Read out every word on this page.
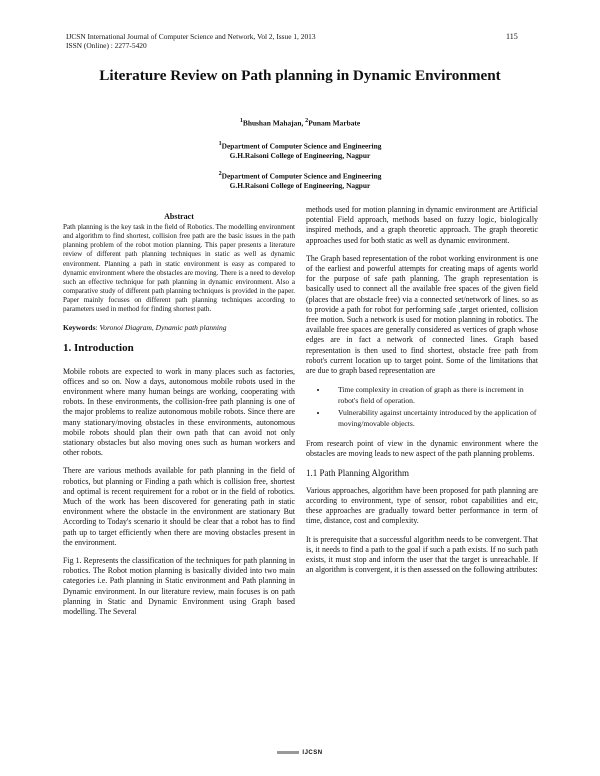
IJCSN International Journal of Computer Science and Network, Vol 2, Issue 1, 2013
ISSN (Online) : 2277-5420
115
Literature Review on Path planning in Dynamic Environment
$^1$Bhushan Mahajan, $^2$Punam Marbate
$^1$Department of Computer Science and Engineering
G.H.Raisoni College of Engineering, Nagpur
$^2$Department of Computer Science and Engineering
G.H.Raisoni College of Engineering, Nagpur
Abstract

Path planning is the key task in the field of Robotics. The modelling environment and algorithm to find shortest, collision free path are the basic issues in the path planning problem of the robot motion planning. This paper presents a literature review of different path planning techniques in static as well as dynamic environment. Planning a path in static environment is easy as compared to dynamic environment where the obstacles are moving. There is a need to develop such an effective technique for path planning in dynamic environment. Also a comparative study of different path planning techniques is provided in the paper. Paper mainly focuses on different path planning techniques according to parameters used in method for finding shortest path.

Keywords: Voronoi Diagram, Dynamic path planning

1. Introduction

Mobile robots are expected to work in many places such as factories, offices and so on. Now a days, autonomous mobile robots used in the environment where many human beings are working, cooperating with robots. In these environments, the collision-free path planning is one of the major problems to realize autonomous mobile robots. Since there are many stationary/moving obstacles in these environments, autonomous mobile robots should plan their own path that can avoid not only stationary obstacles but also moving ones such as human workers and other robots.

There are various methods available for path planning in the field of robotics, but planning or Finding a path which is collision free, shortest and optimal is recent requirement for a robot or in the field of robotics. Much of the work has been discovered for generating path in static environment where the obstacle in the environment are stationary But According to Today's scenario it should be clear that a robot has to find path up to target efficiently when there are moving obstacles present in the environment.

Fig 1. Represents the classification of the techniques for path planning in robotics. The Robot motion planning is basically divided into two main categories i.e. Path planning in Static environment and Path planning in Dynamic environment. In our literature review, main focuses is on path planning in Static and Dynamic Environment using Graph based modelling. The Several

methods used for motion planning in dynamic environment are Artificial potential Field approach, methods based on fuzzy logic, biologically inspired methods, and a graph theoretic approach. The graph theoretic approaches used for both static as well as dynamic environment.

The Graph based representation of the robot working environment is one of the earliest and powerful attempts for creating maps of agents world for the purpose of safe path planning. The graph representation is basically used to connect all the available free spaces of the given field (places that are obstacle free) via a connected set/network of lines. so as to provide a path for robot for performing safe ,target oriented, collision free motion. Such a network is used for motion planning in robotics. The available free spaces are generally considered as vertices of graph whose edges are in fact a network of connected lines. Graph based representation is then used to find shortest, obstacle free path from robot's current location up to target point. Some of the limitations that are due to graph based representation are

• Time complexity in creation of graph as there is increment in robot's field of operation.
• Vulnerability against uncertainty introduced by the application of moving/movable objects.

From research point of view in the dynamic environment where the obstacles are moving leads to new aspect of the path planning problems.

1.1 Path Planning Algorithm

Various approaches, algorithm have been proposed for path planning are according to environment, type of sensor, robot capabilities and etc, these approaches are gradually toward better performance in term of time, distance, cost and complexity.

It is prerequisite that a successful algorithm needs to be convergent. That is, it needs to find a path to the goal if such a path exists. If no such path exists, it must stop and inform the user that the target is unreachable. If an algorithm is convergent, it is then assessed on the following attributes:

IJCSN
